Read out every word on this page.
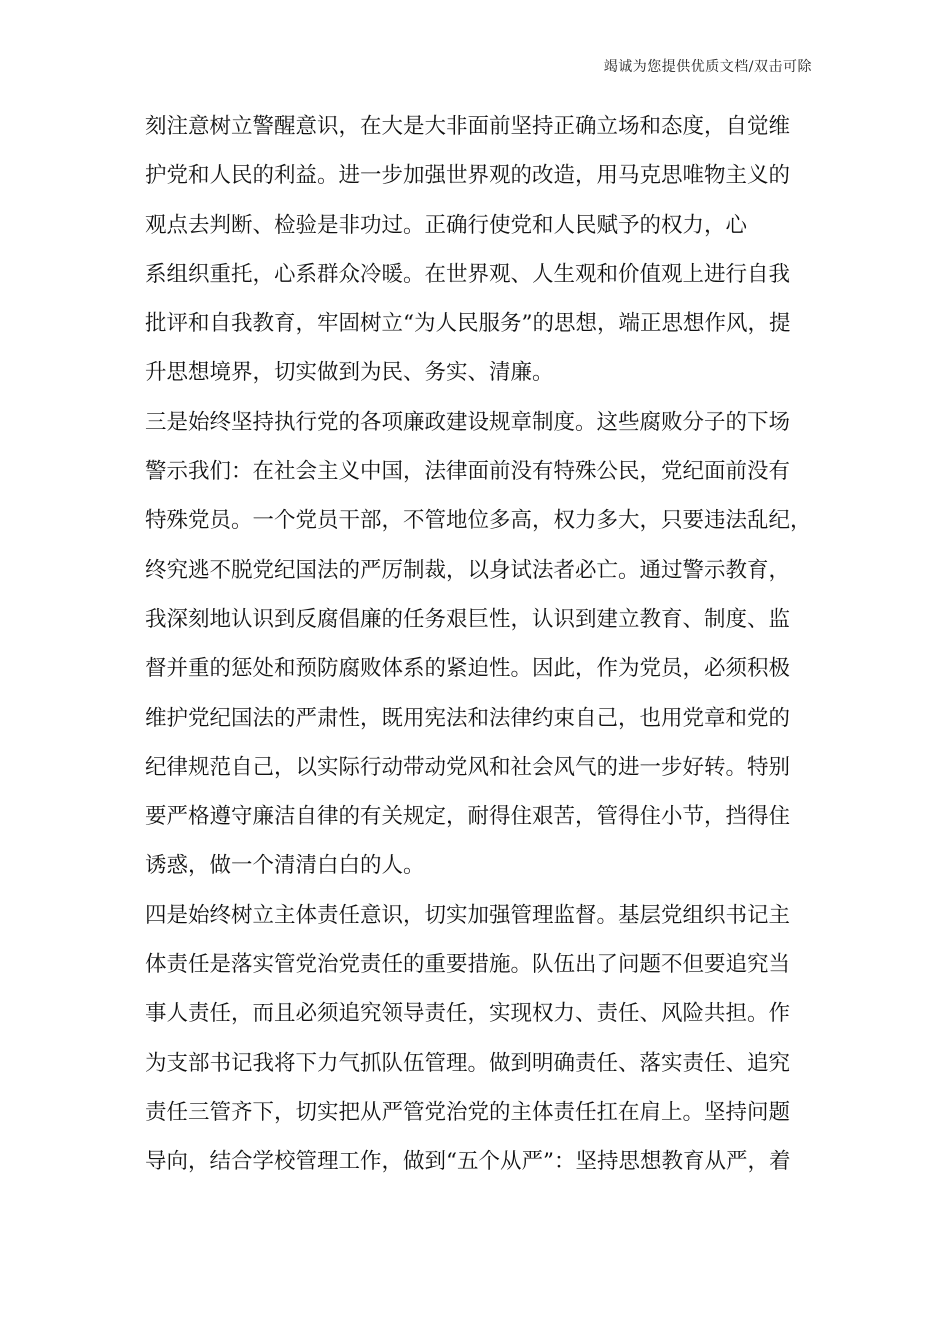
竭诚为您提供优质文档/双击可除
刻注意树立警醒意识，在大是大非面前坚持正确立场和态度，自觉维
护党和人民的利益。进一步加强世界观的改造，用马克思唯物主义的
观点去判断、检验是非功过。正确行使党和人民赋予的权力，心
系组织重托，心系群众冷暖。在世界观、人生观和价值观上进行自我
批评和自我教育，牢固树立“为人民服务”的思想，端正思想作风，提
升思想境界，切实做到为民、务实、清廉。
三是始终坚持执行党的各项廉政建设规章制度。这些腐败分子的下场
警示我们：在社会主义中国，法律面前没有特殊公民，党纪面前没有
特殊党员。一个党员干部，不管地位多高，权力多大，只要违法乱纪，
终究逃不脱党纪国法的严厉制裁，以身试法者必亡。通过警示教育，
我深刻地认识到反腐倡廉的任务艰巨性，认识到建立教育、制度、监
督并重的惩处和预防腐败体系的紧迫性。因此，作为党员，必须积极
维护党纪国法的严肃性，既用宪法和法律约束自己，也用党章和党的
纪律规范自己，以实际行动带动党风和社会风气的进一步好转。特别
要严格遵守廉洁自律的有关规定，耐得住艰苦，管得住小节，挡得住
诱惑，做一个清清白白的人。
四是始终树立主体责任意识，切实加强管理监督。基层党组织书记主
体责任是落实管党治党责任的重要措施。队伍出了问题不但要追究当
事人责任，而且必须追究领导责任，实现权力、责任、风险共担。作
为支部书记我将下力气抓队伍管理。做到明确责任、落实责任、追究
责任三管齐下，切实把从严管党治党的主体责任扛在肩上。坚持问题
导向，结合学校管理工作，做到“五个从严”：坚持思想教育从严，着
